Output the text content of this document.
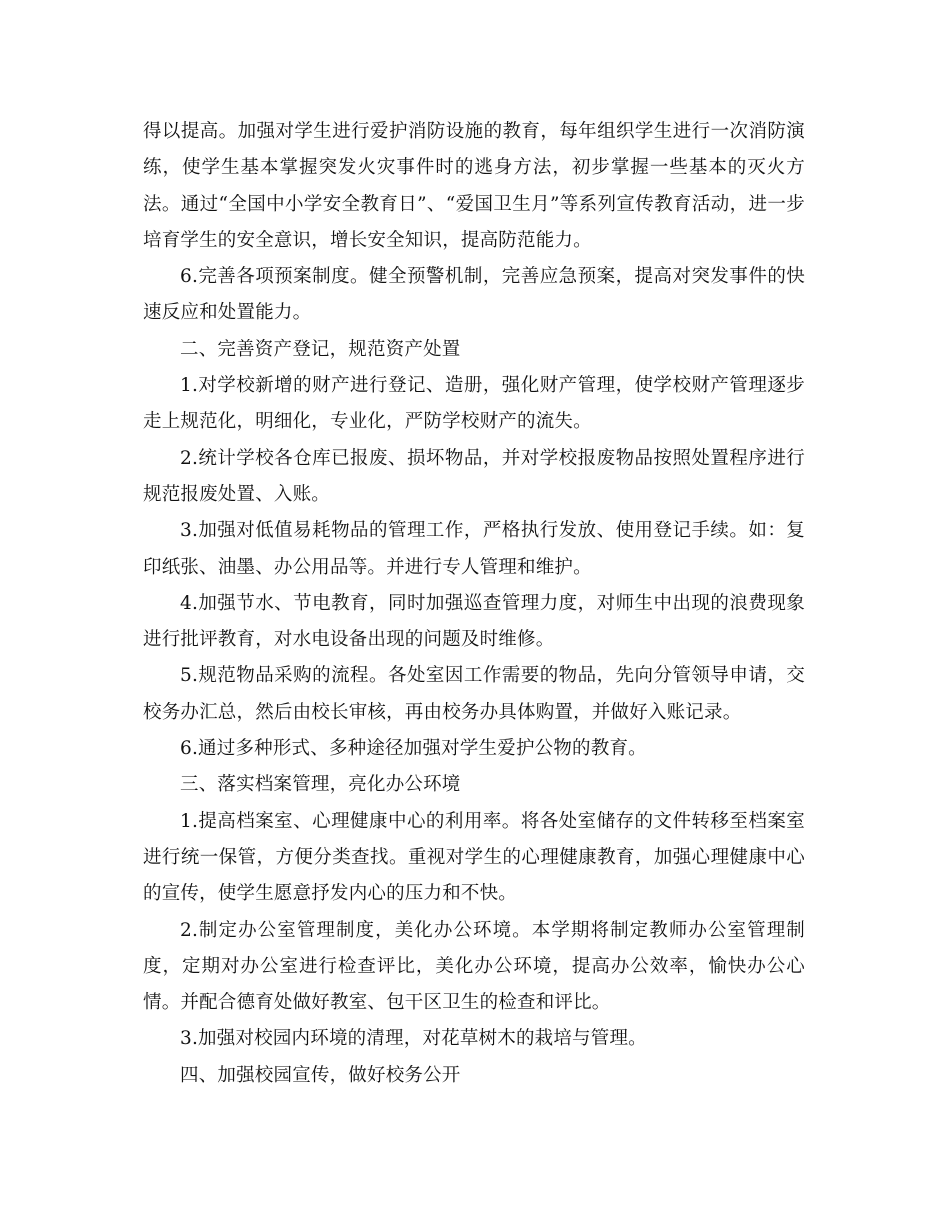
得以提高。加强对学生进行爱护消防设施的教育，每年组织学生进行一次消防演练，使学生基本掌握突发火灾事件时的逃身方法，初步掌握一些基本的灭火方法。通过“全国中小学安全教育日”、“爱国卫生月”等系列宣传教育活动，进一步培育学生的安全意识，增长安全知识，提高防范能力。

6.完善各项预案制度。健全预警机制，完善应急预案，提高对突发事件的快速反应和处置能力。

二、完善资产登记，规范资产处置

1.对学校新增的财产进行登记、造册，强化财产管理，使学校财产管理逐步走上规范化，明细化，专业化，严防学校财产的流失。

2.统计学校各仓库已报废、损坏物品，并对学校报废物品按照处置程序进行规范报废处置、入账。

3.加强对低值易耗物品的管理工作，严格执行发放、使用登记手续。如：复印纸张、油墨、办公用品等。并进行专人管理和维护。

4.加强节水、节电教育，同时加强巡查管理力度，对师生中出现的浪费现象进行批评教育，对水电设备出现的问题及时维修。

5.规范物品采购的流程。各处室因工作需要的物品，先向分管领导申请，交校务办汇总，然后由校长审核，再由校务办具体购置，并做好入账记录。

6.通过多种形式、多种途径加强对学生爱护公物的教育。

三、落实档案管理，亮化办公环境

1.提高档案室、心理健康中心的利用率。将各处室储存的文件转移至档案室进行统一保管，方便分类查找。重视对学生的心理健康教育，加强心理健康中心的宣传，使学生愿意抒发内心的压力和不快。

2.制定办公室管理制度，美化办公环境。本学期将制定教师办公室管理制度，定期对办公室进行检查评比，美化办公环境，提高办公效率，愉快办公心情。并配合德育处做好教室、包干区卫生的检查和评比。

3.加强对校园内环境的清理，对花草树木的栽培与管理。

四、加强校园宣传，做好校务公开
